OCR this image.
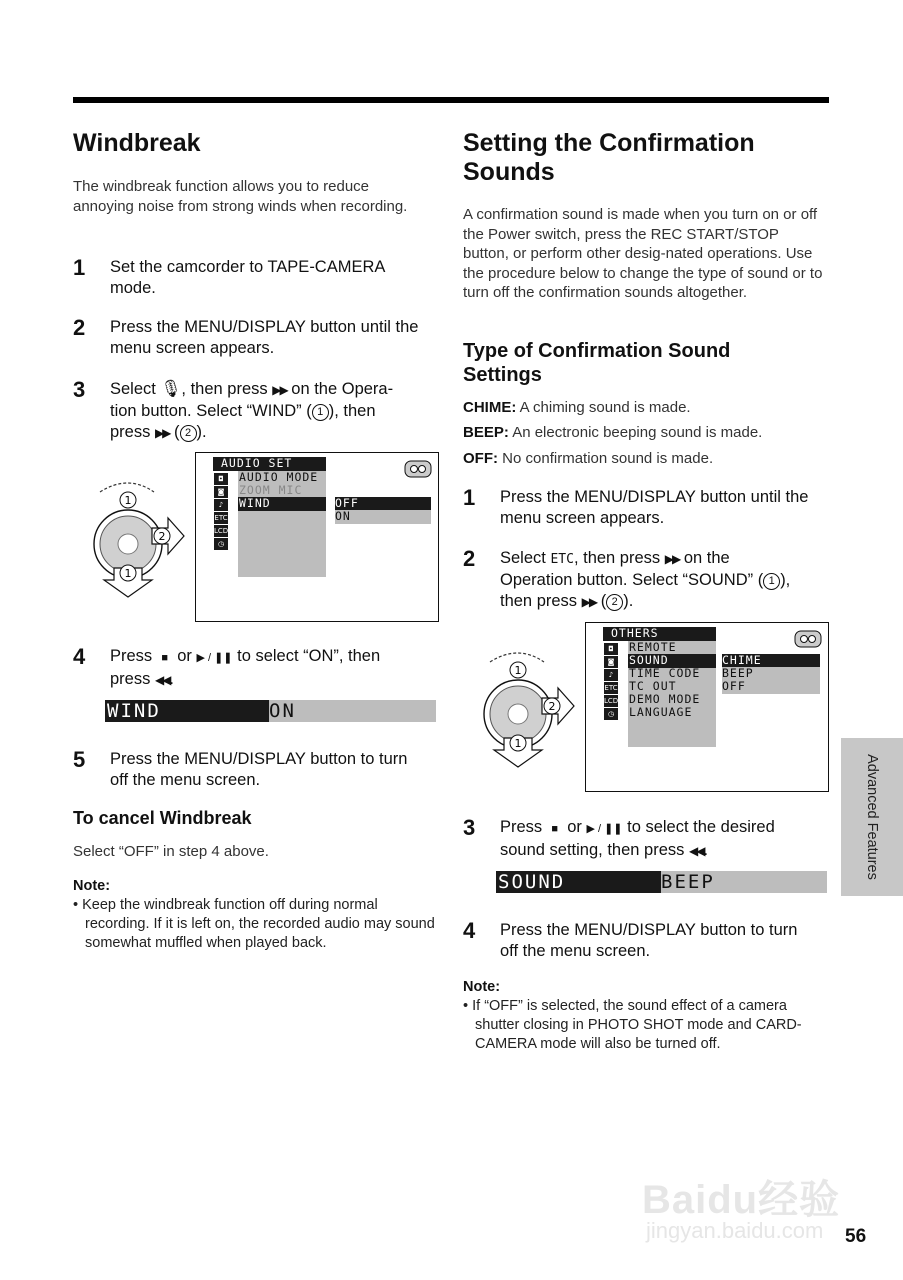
Windbreak

The windbreak function allows you to reduce annoying noise from strong winds when recording.

1 Set the camcorder to TAPE-CAMERA mode.
2 Press the MENU/DISPLAY button until the menu screen appears.
3 Select 🎙, then press ▶▶ on the Opera-
tion button. Select “WIND” ( 1 ), then
press ▶▶ ( 2 ).
1
2
1
AUDIO SET
◘
◙
♪
ETC
LCD
◷
AUDIO MODE
ZOOM MIC
WIND	OFF
ON
4 Press ■ or ▶ / ❚❚ to select “ON”, then
press ◀◀.
WIND	ON
5 Press the MENU/DISPLAY button to turn off the menu screen.
To cancel Windbreak
Select “OFF” in step 4 above.
Note:
• Keep the windbreak function off during normal recording. If it is left on, the recorded audio may sound somewhat muffled when played back.
Setting the Confirmation
Sounds

A confirmation sound is made when you turn on or off the Power switch, press the REC START/STOP button, or perform other desig-nated operations. Use the procedure below to change the type of sound or to turn off the confirmation sounds altogether.

Type of Confirmation Sound Settings
CHIME: A chiming sound is made.
BEEP: An electronic beeping sound is made.
OFF: No confirmation sound is made.
1 Press the MENU/DISPLAY button until the menu screen appears.
2 Select ETC, then press ▶▶ on the
Operation button. Select “SOUND” ( 1 ),
then press ▶▶ ( 2 ).
1
2
1
OTHERS
◘
◙
♪
ETC
LCD
◷
REMOTE
SOUND
TIME CODE
TC OUT
DEMO MODE
LANGUAGE
CHIME
BEEP
OFF
3 Press ■ or ▶ / ❚❚ to select the desired
sound setting, then press ◀◀.
SOUND	BEEP
4 Press the MENU/DISPLAY button to turn off the menu screen.
Note:
• If “OFF” is selected, the sound effect of a camera shutter closing in PHOTO SHOT mode and CARD-CAMERA mode will also be turned off.
Advanced Features
Baidu经验
jingyan.baidu.com 56
